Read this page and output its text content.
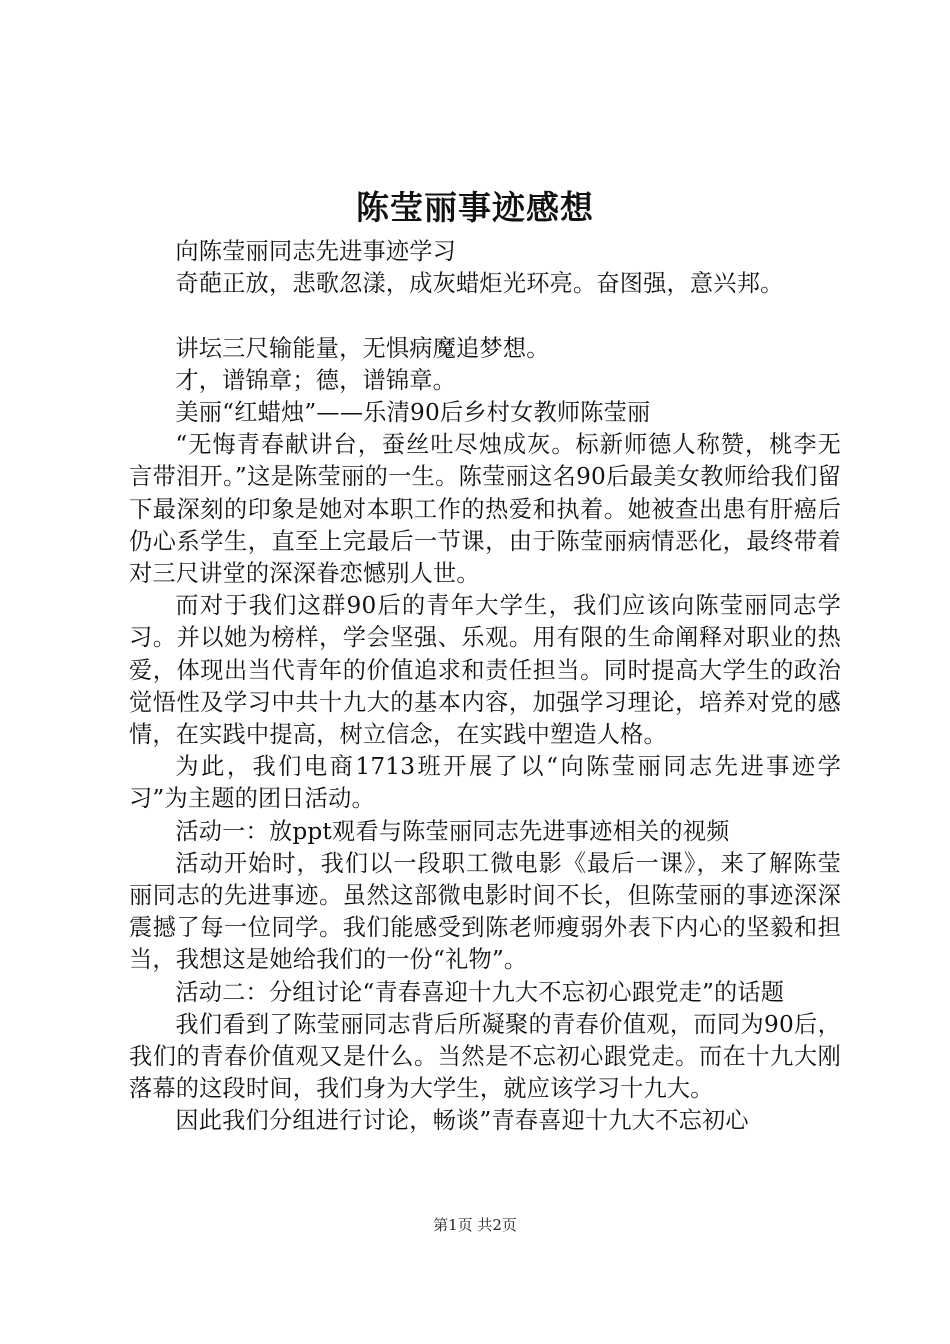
陈莹丽事迹感想

向陈莹丽同志先进事迹学习

奇葩正放，悲歌忽漾，成灰蜡炬光环亮。奋图强，意兴邦。

讲坛三尺输能量，无惧病魔追梦想。

才，谱锦章；德，谱锦章。

美丽“红蜡烛”——乐清90后乡村女教师陈莹丽

“无悔青春献讲台，蚕丝吐尽烛成灰。标新师德人称赞，桃李无言带泪开。”这是陈莹丽的一生。陈莹丽这名90后最美女教师给我们留下最深刻的印象是她对本职工作的热爱和执着。她被查出患有肝癌后仍心系学生，直至上完最后一节课，由于陈莹丽病情恶化，最终带着对三尺讲堂的深深眷恋憾别人世。

而对于我们这群90后的青年大学生，我们应该向陈莹丽同志学习。并以她为榜样，学会坚强、乐观。用有限的生命阐释对职业的热爱，体现出当代青年的价值追求和责任担当。同时提高大学生的政治觉悟性及学习中共十九大的基本内容，加强学习理论，培养对党的感情，在实践中提高，树立信念，在实践中塑造人格。

为此，我们电商1713班开展了以“向陈莹丽同志先进事迹学习”为主题的团日活动。

活动一：放ppt观看与陈莹丽同志先进事迹相关的视频

活动开始时，我们以一段职工微电影《最后一课》，来了解陈莹丽同志的先进事迹。虽然这部微电影时间不长，但陈莹丽的事迹深深震撼了每一位同学。我们能感受到陈老师瘦弱外表下内心的坚毅和担当，我想这是她给我们的一份“礼物”。

活动二：分组讨论“青春喜迎十九大不忘初心跟党走”的话题

我们看到了陈莹丽同志背后所凝聚的青春价值观，而同为90后，我们的青春价值观又是什么。当然是不忘初心跟党走。而在十九大刚落幕的这段时间，我们身为大学生，就应该学习十九大。

因此我们分组进行讨论，畅谈”青春喜迎十九大不忘初心

第1页 共2页
